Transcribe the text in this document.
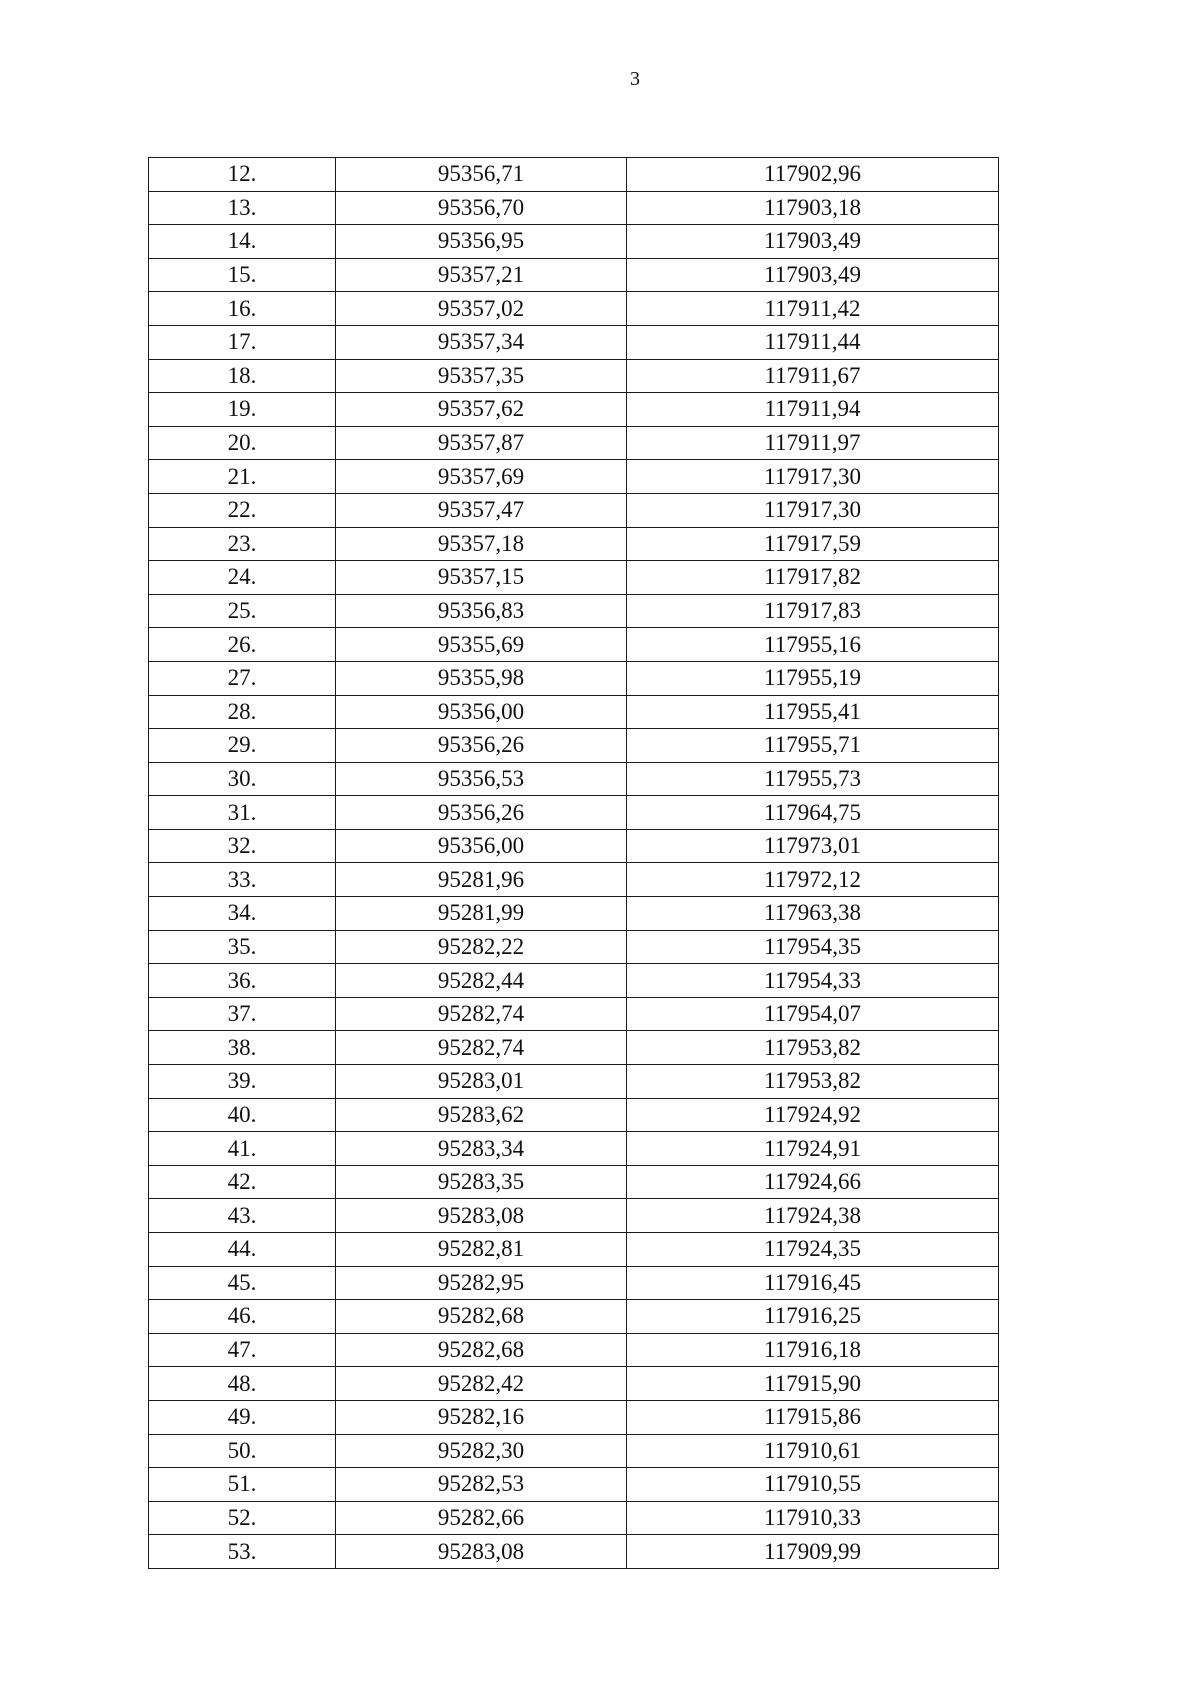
3
12.	95356,71	117902,96
13.	95356,70	117903,18
14.	95356,95	117903,49
15.	95357,21	117903,49
16.	95357,02	117911,42
17.	95357,34	117911,44
18.	95357,35	117911,67
19.	95357,62	117911,94
20.	95357,87	117911,97
21.	95357,69	117917,30
22.	95357,47	117917,30
23.	95357,18	117917,59
24.	95357,15	117917,82
25.	95356,83	117917,83
26.	95355,69	117955,16
27.	95355,98	117955,19
28.	95356,00	117955,41
29.	95356,26	117955,71
30.	95356,53	117955,73
31.	95356,26	117964,75
32.	95356,00	117973,01
33.	95281,96	117972,12
34.	95281,99	117963,38
35.	95282,22	117954,35
36.	95282,44	117954,33
37.	95282,74	117954,07
38.	95282,74	117953,82
39.	95283,01	117953,82
40.	95283,62	117924,92
41.	95283,34	117924,91
42.	95283,35	117924,66
43.	95283,08	117924,38
44.	95282,81	117924,35
45.	95282,95	117916,45
46.	95282,68	117916,25
47.	95282,68	117916,18
48.	95282,42	117915,90
49.	95282,16	117915,86
50.	95282,30	117910,61
51.	95282,53	117910,55
52.	95282,66	117910,33
53.	95283,08	117909,99
